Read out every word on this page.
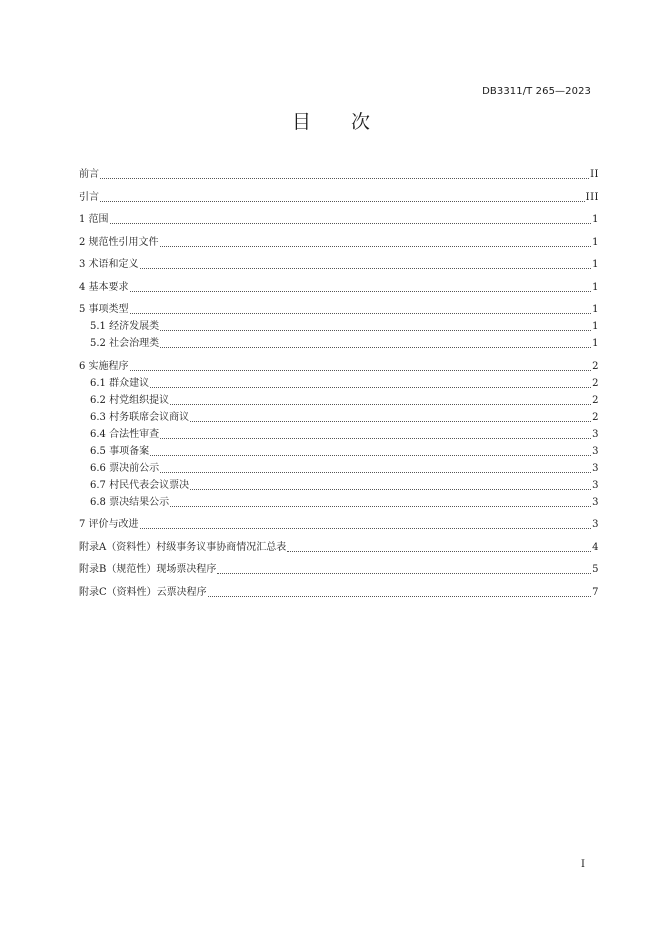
DB3311/T 265—2023
目 次
前言	II
引言	III
1 范围	1
2 规范性引用文件	1
3 术语和定义	1
4 基本要求	1
5 事项类型	1
5.1 经济发展类	1
5.2 社会治理类	1
6 实施程序	2
6.1 群众建议	2
6.2 村党组织提议	2
6.3 村务联席会议商议	2
6.4 合法性审查	3
6.5 事项备案	3
6.6 票决前公示	3
6.7 村民代表会议票决	3
6.8 票决结果公示	3
7 评价与改进	3
附录A（资料性）村级事务议事协商情况汇总表	4
附录B（规范性）现场票决程序	5
附录C（资料性）云票决程序	7
I
